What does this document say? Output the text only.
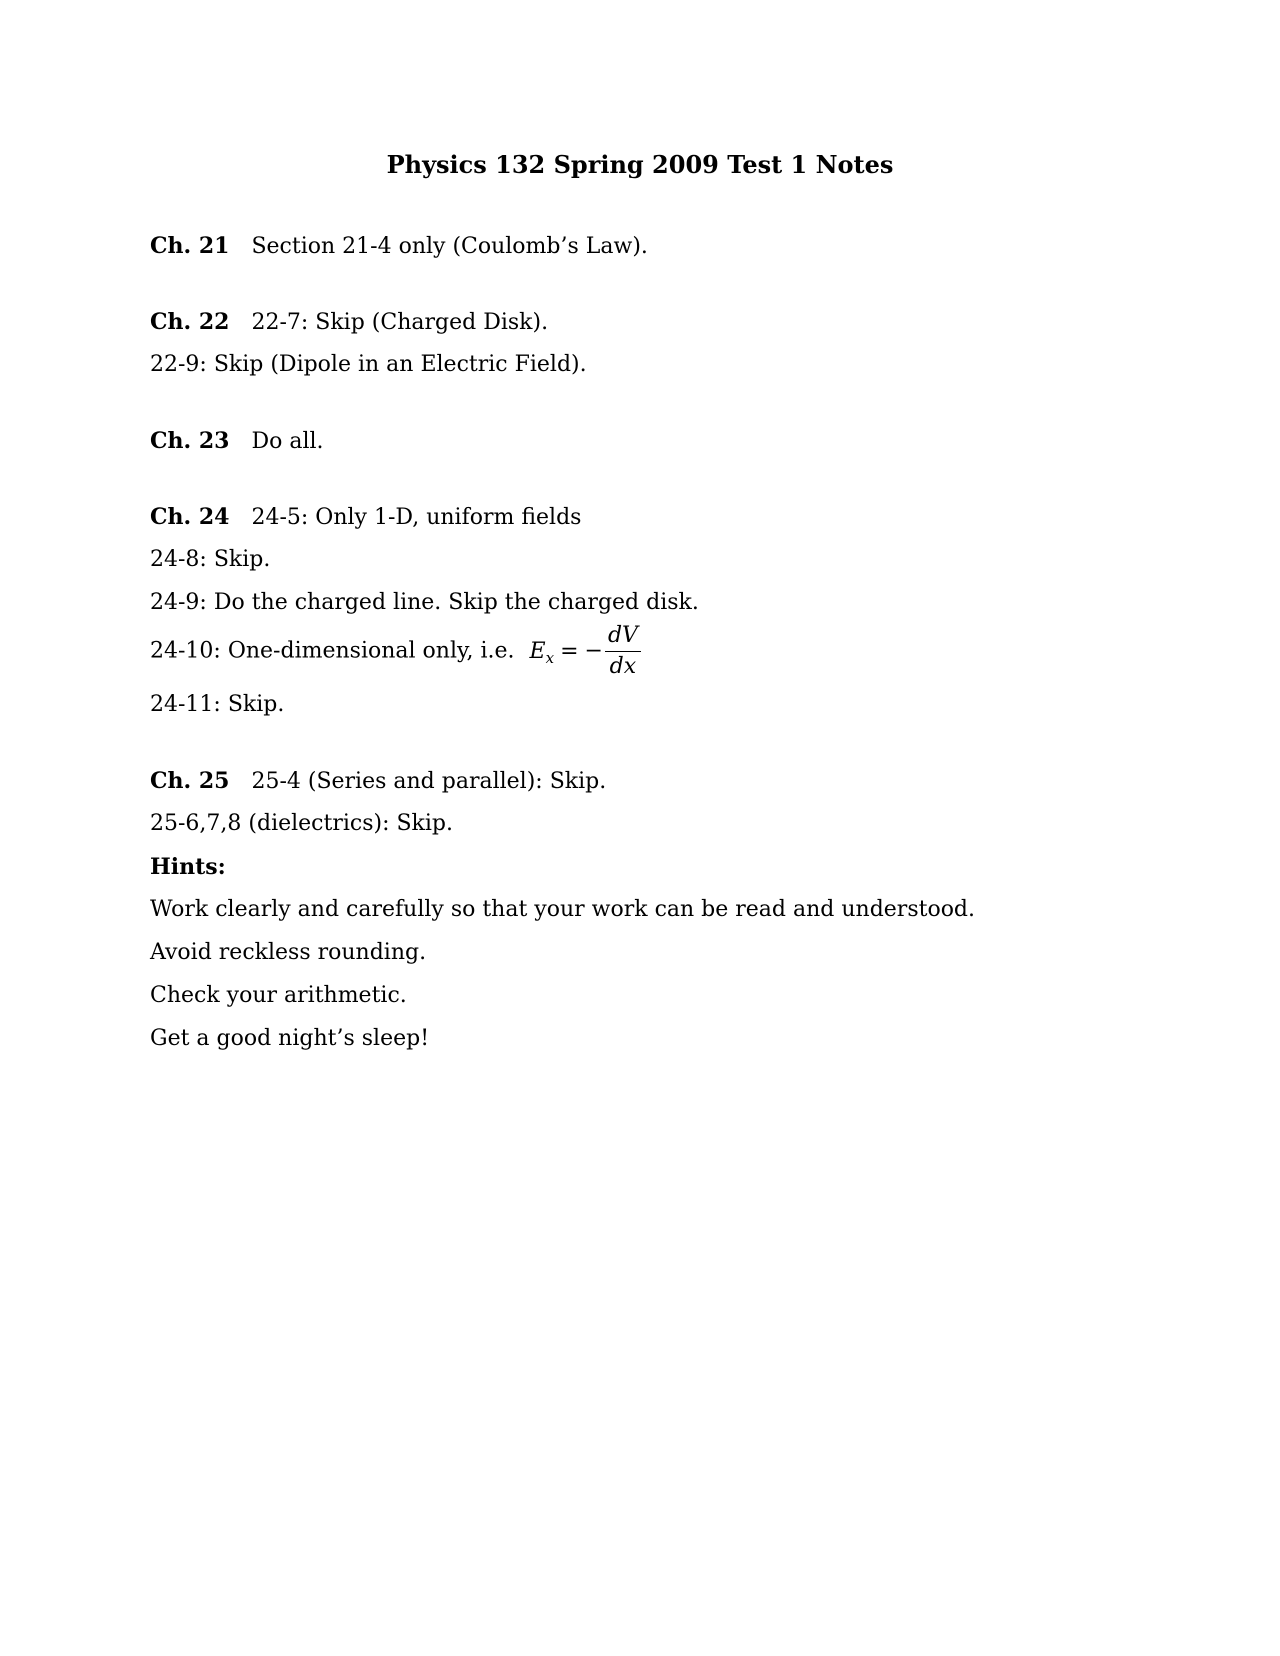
Physics 132 Spring 2009 Test 1 Notes
Ch. 21 Section 21-4 only (Coulomb’s Law).
Ch. 22 22-7: Skip (Charged Disk).
22-9: Skip (Dipole in an Electric Field).
Ch. 23 Do all.
Ch. 24 24-5: Only 1-D, uniform fields
24-8: Skip.
24-9: Do the charged line. Skip the charged disk.
24-10: One-dimensional only, i.e. $E_x$ = − $\frac{dV}{dx}$
24-11: Skip.
Ch. 25 25-4 (Series and parallel): Skip.
25-6,7,8 (dielectrics): Skip.
Hints:
Work clearly and carefully so that your work can be read and understood.
Avoid reckless rounding.
Check your arithmetic.
Get a good night’s sleep!
